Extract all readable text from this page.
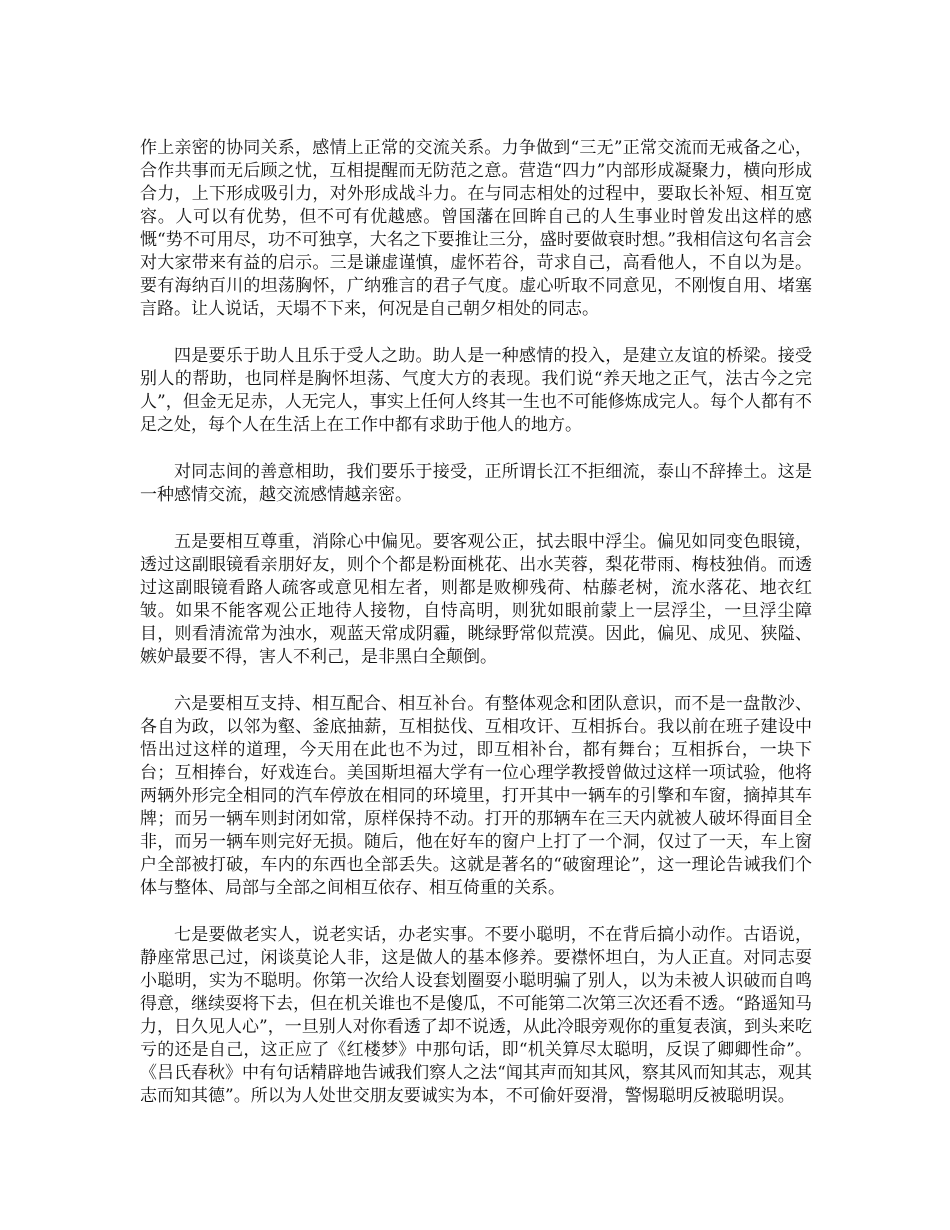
作上亲密的协同关系，感情上正常的交流关系。力争做到“三无”正常交流而无戒备之心，合作共事而无后顾之忧，互相提醒而无防范之意。营造“四力”内部形成凝聚力，横向形成合力，上下形成吸引力，对外形成战斗力。在与同志相处的过程中，要取长补短、相互宽容。人可以有优势，但不可有优越感。曾国藩在回眸自己的人生事业时曾发出这样的感慨“势不可用尽，功不可独享，大名之下要推让三分，盛时要做衰时想。”我相信这句名言会对大家带来有益的启示。三是谦虚谨慎，虚怀若谷，苛求自己，高看他人，不自以为是。要有海纳百川的坦荡胸怀，广纳雅言的君子气度。虚心听取不同意见，不刚愎自用、堵塞言路。让人说话，天塌不下来，何况是自己朝夕相处的同志。

四是要乐于助人且乐于受人之助。助人是一种感情的投入，是建立友谊的桥梁。接受别人的帮助，也同样是胸怀坦荡、气度大方的表现。我们说“养天地之正气，法古今之完人”，但金无足赤，人无完人，事实上任何人终其一生也不可能修炼成完人。每个人都有不足之处，每个人在生活上在工作中都有求助于他人的地方。

对同志间的善意相助，我们要乐于接受，正所谓长江不拒细流，泰山不辞捧土。这是一种感情交流，越交流感情越亲密。

五是要相互尊重，消除心中偏见。要客观公正，拭去眼中浮尘。偏见如同变色眼镜，透过这副眼镜看亲朋好友，则个个都是粉面桃花、出水芙蓉，梨花带雨、梅枝独俏。而透过这副眼镜看路人疏客或意见相左者，则都是败柳残荷、枯藤老树，流水落花、地衣红皱。如果不能客观公正地待人接物，自恃高明，则犹如眼前蒙上一层浮尘，一旦浮尘障目，则看清流常为浊水，观蓝天常成阴霾，眺绿野常似荒漠。因此，偏见、成见、狭隘、嫉妒最要不得，害人不利己，是非黑白全颠倒。

六是要相互支持、相互配合、相互补台。有整体观念和团队意识，而不是一盘散沙、各自为政，以邻为壑、釜底抽薪，互相挞伐、互相攻讦、互相拆台。我以前在班子建设中悟出过这样的道理，今天用在此也不为过，即互相补台，都有舞台；互相拆台，一块下台；互相捧台，好戏连台。美国斯坦福大学有一位心理学教授曾做过这样一项试验，他将两辆外形完全相同的汽车停放在相同的环境里，打开其中一辆车的引擎和车窗，摘掉其车牌；而另一辆车则封闭如常，原样保持不动。打开的那辆车在三天内就被人破坏得面目全非，而另一辆车则完好无损。随后，他在好车的窗户上打了一个洞，仅过了一天，车上窗户全部被打破，车内的东西也全部丢失。这就是著名的“破窗理论”，这一理论告诫我们个体与整体、局部与全部之间相互依存、相互倚重的关系。

七是要做老实人，说老实话，办老实事。不要小聪明，不在背后搞小动作。古语说，静座常思己过，闲谈莫论人非，这是做人的基本修养。要襟怀坦白，为人正直。对同志耍小聪明，实为不聪明。你第一次给人设套划圈耍小聪明骗了别人，以为未被人识破而自鸣得意，继续耍将下去，但在机关谁也不是傻瓜，不可能第二次第三次还看不透。“路遥知马力，日久见人心”，一旦别人对你看透了却不说透，从此冷眼旁观你的重复表演，到头来吃亏的还是自己，这正应了《红楼梦》中那句话，即“机关算尽太聪明，反误了卿卿性命”。《吕氏春秋》中有句话精辟地告诫我们察人之法“闻其声而知其风，察其风而知其志，观其志而知其德”。所以为人处世交朋友要诚实为本，不可偷奸耍滑，警惕聪明反被聪明误。
